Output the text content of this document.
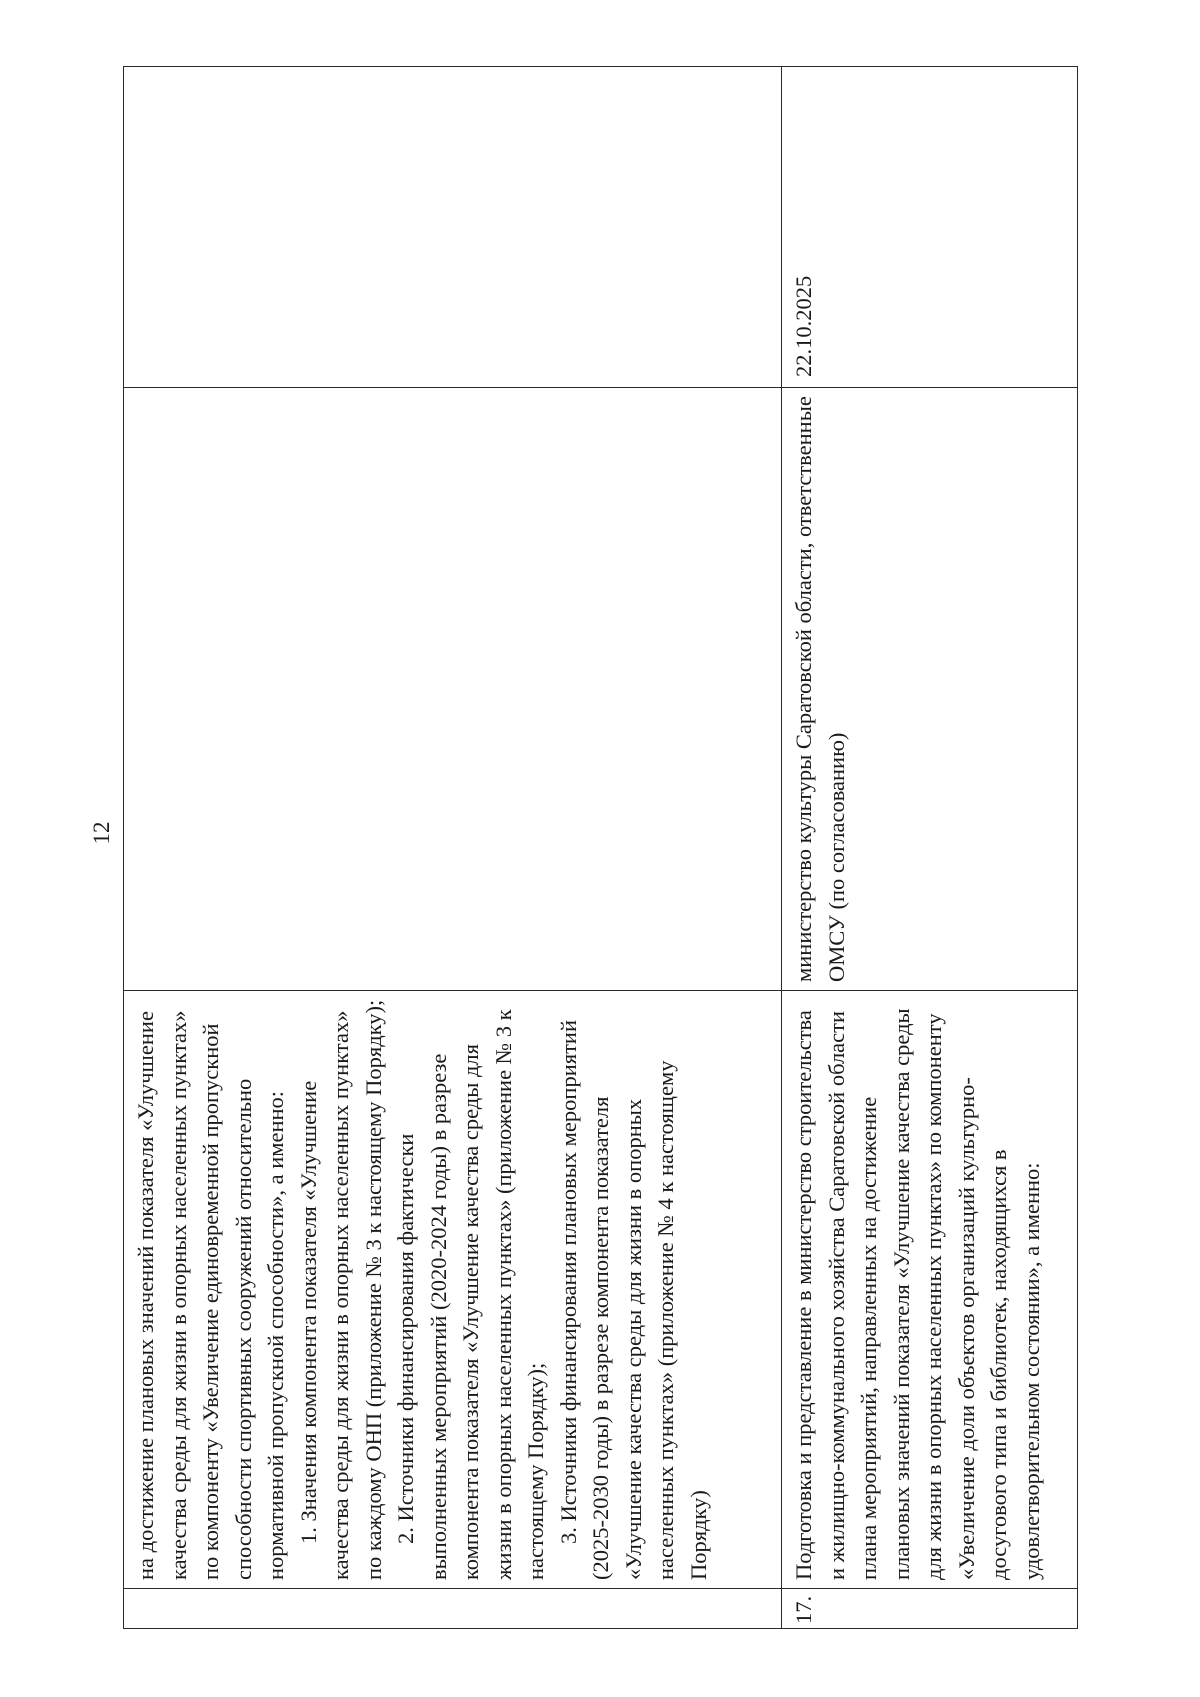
12

	на достижение плановых значений показателя «Улучшение качества среды для жизни в опорных населенных пунктах» по компоненту «Увеличение единовременной пропускной способности спортивных сооружений относительно нормативной пропускной способности», а именно: 1. Значения компонента показателя «Улучшение качества среды для жизни в опорных населенных пунктах» по каждому ОНП (приложение № 3 к настоящему Порядку); 2. Источники финансирования фактически выполненных мероприятий (2020-2024 годы) в разрезе компонента показателя «Улучшение качества среды для жизни в опорных населенных пунктах» (приложение № 3 к настоящему Порядку); 3. Источники финансирования плановых мероприятий (2025-2030 годы) в разрезе компонента показателя «Улучшение качества среды для жизни в опорных населенных пунктах» (приложение № 4 к настоящему Порядку)		

17.	Подготовка и представление в министерство строительства и жилищно-коммунального хозяйства Саратовской области плана мероприятий, направленных на достижение плановых значений показателя «Улучшение качества среды для жизни в опорных населенных пунктах» по компоненту «Увеличение доли объектов организаций культурно-досугового типа и библиотек, находящихся в удовлетворительном состоянии», а именно:	министерство культуры Саратовской области, ответственные ОМСУ (по согласованию)	22.10.2025
